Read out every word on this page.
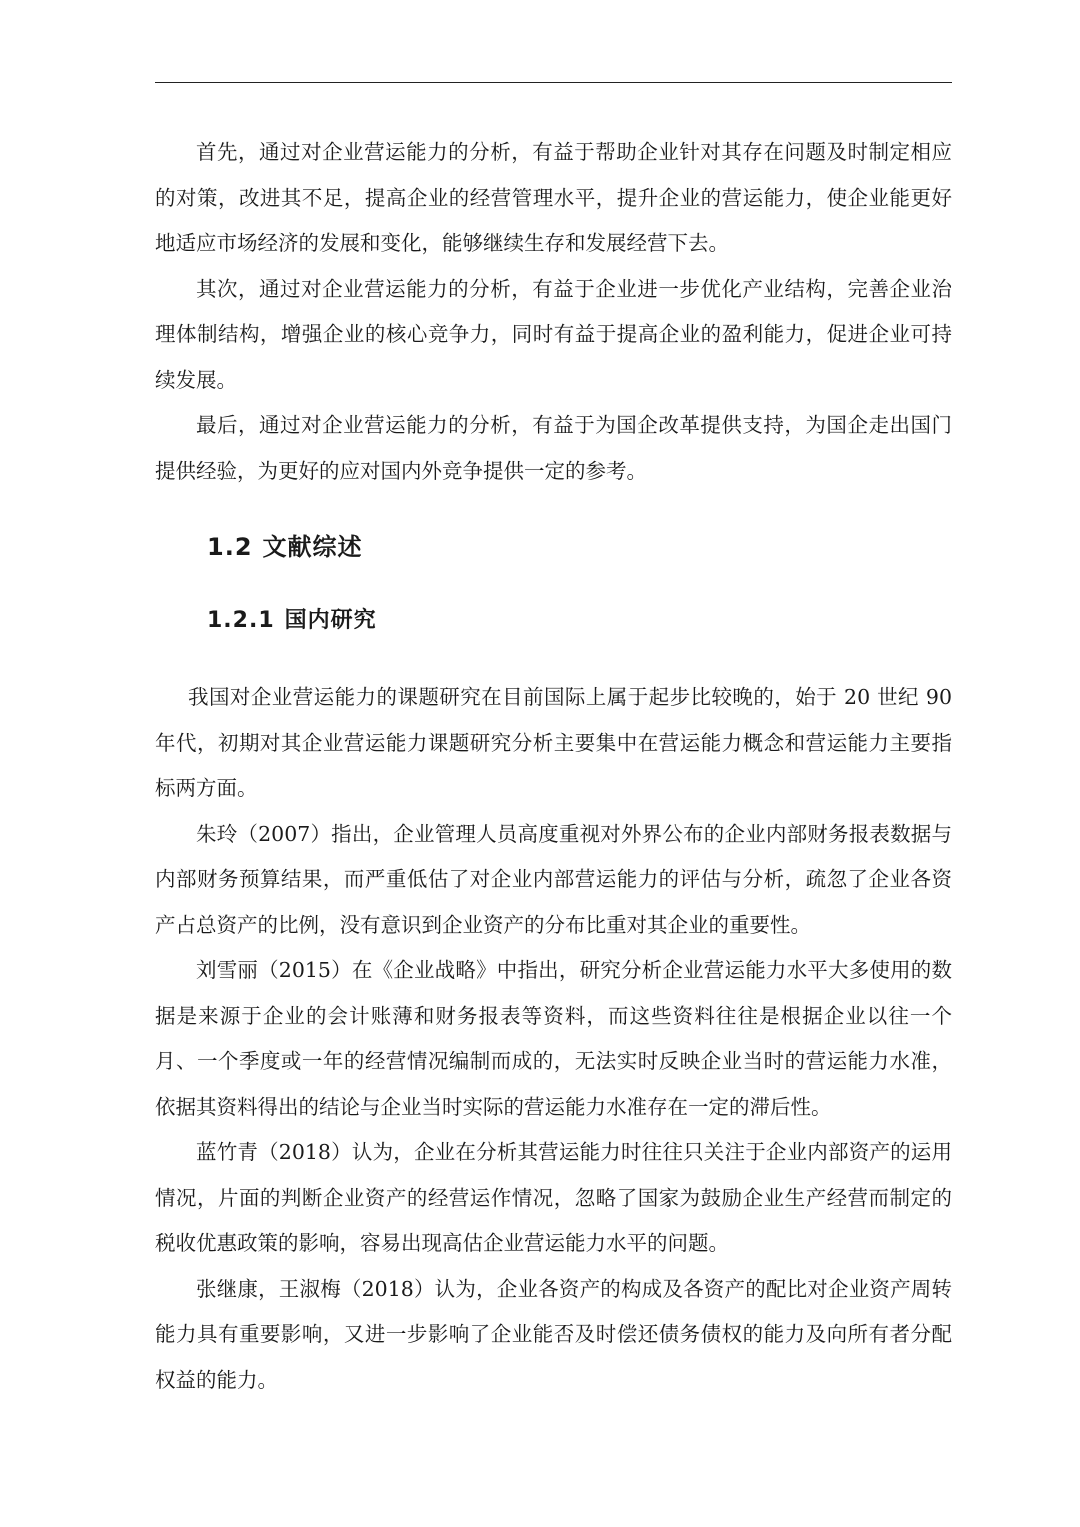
首先，通过对企业营运能力的分析，有益于帮助企业针对其存在问题及时制定相应的对策，改进其不足，提高企业的经营管理水平，提升企业的营运能力，使企业能更好地适应市场经济的发展和变化，能够继续生存和发展经营下去。

其次，通过对企业营运能力的分析，有益于企业进一步优化产业结构，完善企业治理体制结构，增强企业的核心竞争力，同时有益于提高企业的盈利能力，促进企业可持续发展。

最后，通过对企业营运能力的分析，有益于为国企改革提供支持，为国企走出国门提供经验，为更好的应对国内外竞争提供一定的参考。

1.2 文献综述
1.2.1 国内研究

我国对企业营运能力的课题研究在目前国际上属于起步比较晚的，始于 20 世纪 90 年代，初期对其企业营运能力课题研究分析主要集中在营运能力概念和营运能力主要指标两方面。

朱玲（2007）指出，企业管理人员高度重视对外界公布的企业内部财务报表数据与内部财务预算结果，而严重低估了对企业内部营运能力的评估与分析，疏忽了企业各资产占总资产的比例，没有意识到企业资产的分布比重对其企业的重要性。

刘雪丽（2015）在《企业战略》中指出，研究分析企业营运能力水平大多使用的数据是来源于企业的会计账薄和财务报表等资料，而这些资料往往是根据企业以往一个月、一个季度或一年的经营情况编制而成的，无法实时反映企业当时的营运能力水准，依据其资料得出的结论与企业当时实际的营运能力水准存在一定的滞后性。

蓝竹青（2018）认为，企业在分析其营运能力时往往只关注于企业内部资产的运用情况，片面的判断企业资产的经营运作情况，忽略了国家为鼓励企业生产经营而制定的税收优惠政策的影响，容易出现高估企业营运能力水平的问题。

张继康，王淑梅（2018）认为，企业各资产的构成及各资产的配比对企业资产周转能力具有重要影响，又进一步影响了企业能否及时偿还债务债权的能力及向所有者分配权益的能力。
